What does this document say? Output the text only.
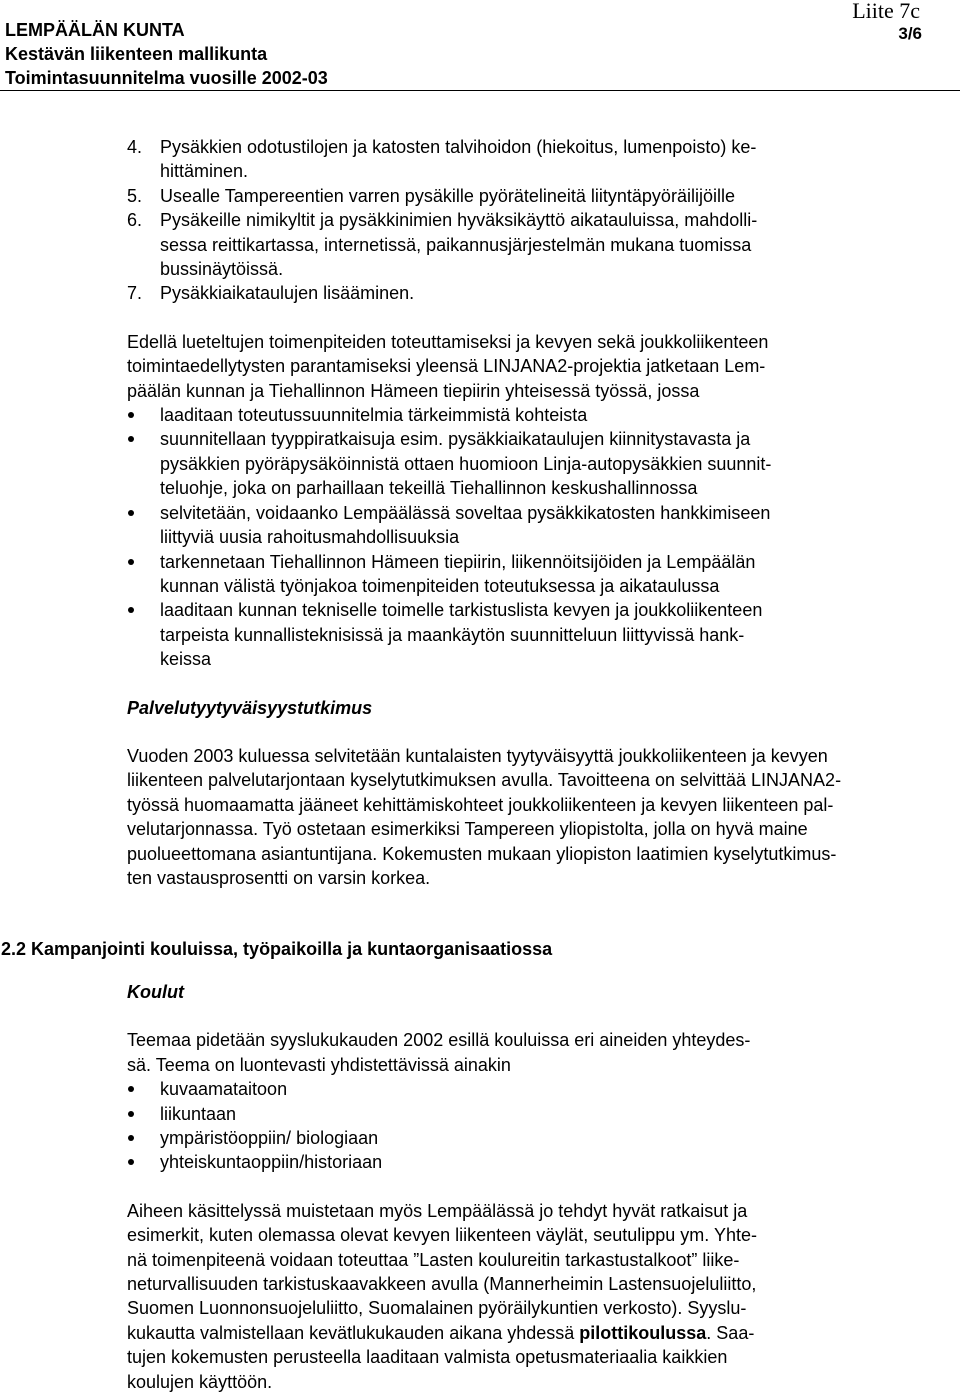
LEMPÄÄLÄN KUNTA
Kestävän liikenteen mallikunta
Toimintasuunnitelma vuosille 2002-03
Liite 7c
3/6
4. Pysäkkien odotustilojen ja katosten talvihoidon (hiekoitus, lumenpoisto) ke-
hittäminen.
5. Usealle Tampereentien varren pysäkille pyörätelineitä liityntäpyöräilijöille
6. Pysäkeille nimikyltit ja pysäkkinimien hyväksikäyttö aikatauluissa, mahdolli-
sessa reittikartassa, internetissä, paikannusjärjestelmän mukana tuomissa
bussinäytöissä.
7. Pysäkkiaikataulujen lisääminen.
Edellä lueteltujen toimenpiteiden toteuttamiseksi ja kevyen sekä joukkoliikenteen
toimintaedellytysten parantamiseksi yleensä LINJANA2-projektia jatketaan Lem-
päälän kunnan ja Tiehallinnon Hämeen tiepiirin yhteisessä työssä, jossa
laaditaan toteutussuunnitelmia tärkeimmistä kohteista
suunnitellaan tyyppiratkaisuja esim. pysäkkiaikataulujen kiinnitystavasta ja
pysäkkien pyöräpysäköinnistä ottaen huomioon Linja-autopysäkkien suunnit-
teluohje, joka on parhaillaan tekeillä Tiehallinnon keskushallinnossa
selvitetään, voidaanko Lempäälässä soveltaa pysäkkikatosten hankkimiseen
liittyviä uusia rahoitusmahdollisuuksia
tarkennetaan Tiehallinnon Hämeen tiepiirin, liikennöitsijöiden ja Lempäälän
kunnan välistä työnjakoa toimenpiteiden toteutuksessa ja aikataulussa
laaditaan kunnan tekniselle toimelle tarkistuslista kevyen ja joukkoliikenteen
tarpeista kunnallisteknisissä ja maankäytön suunnitteluun liittyvissä hank-
keissa
Palvelutyytyväisyystutkimus
Vuoden 2003 kuluessa selvitetään kuntalaisten tyytyväisyyttä joukkoliikenteen ja kevyen
liikenteen palvelutarjontaan kyselytutkimuksen avulla. Tavoitteena on selvittää LINJANA2-
työssä huomaamatta jääneet kehittämiskohteet joukkoliikenteen ja kevyen liikenteen pal-
velutarjonnassa. Työ ostetaan esimerkiksi Tampereen yliopistolta, jolla on hyvä maine
puolueettomana asiantuntijana. Kokemusten mukaan yliopiston laatimien kyselytutkimus-
ten vastausprosentti on varsin korkea.
2.2 Kampanjointi kouluissa, työpaikoilla ja kuntaorganisaatiossa
Koulut
Teemaa pidetään syyslukukauden 2002 esillä kouluissa eri aineiden yhteydes-
sä. Teema on luontevasti yhdistettävissä ainakin
kuvaamataitoon
liikuntaan
ympäristöoppiin/ biologiaan
yhteiskuntaoppiin/historiaan
Aiheen käsittelyssä muistetaan myös Lempäälässä jo tehdyt hyvät ratkaisut ja
esimerkit, kuten olemassa olevat kevyen liikenteen väylät, seutulippu ym. Yhte-
nä toimenpiteenä voidaan toteuttaa ”Lasten koulureitin tarkastustalkoot” liike-
neturvallisuuden tarkistuskaavakkeen avulla (Mannerheimin Lastensuojeluliitto,
Suomen Luonnonsuojeluliitto, Suomalainen pyöräilykuntien verkosto). Syyslu-
kukautta valmistellaan kevätlukukauden aikana yhdessä pilottikoulussa. Saa-
tujen kokemusten perusteella laaditaan valmista opetusmateriaalia kaikkien
koulujen käyttöön.
